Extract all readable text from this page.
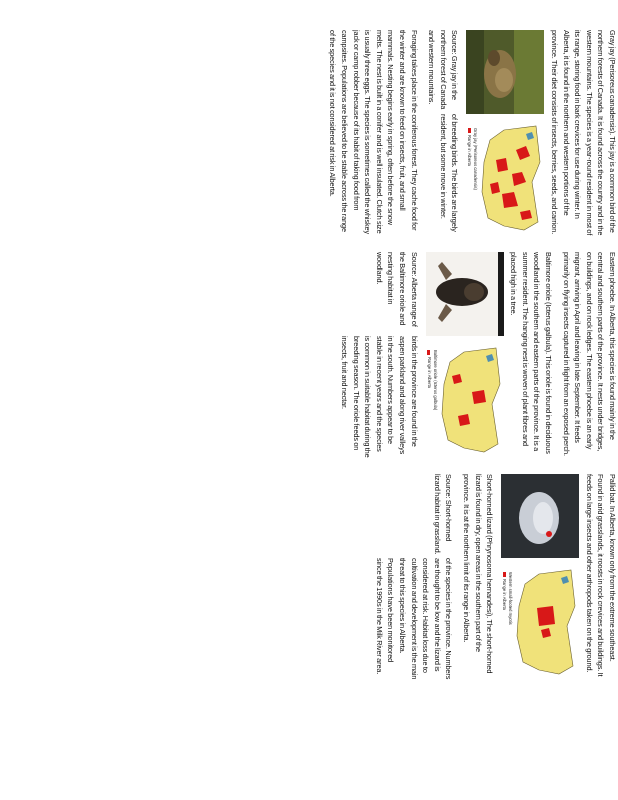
Gray jay (Perisoreus canadensis). This jay is a common bird of the northern forests of Canada. It is found across the country and in the western mountains. The species is a year-round resident in most of its range, storing food in bark crevices for use during winter. In Alberta, it is found in the northern and western portions of the province. Their diet consists of insects, berries, seeds, and carrion.

Gray jay (Perisoreus canadensis)
Range in Alberta

Source: Gray jay in the northern forest of Canada and western mountains.

of breeding birds. The birds are largely resident, but some move in winter.

Foraging takes place in the coniferous forest. They cache food for the winter and are known to feed on insects, fruit, and small mammals. Nesting begins early in spring, often before the snow melts. The nest is built in a conifer and is well insulated. Clutch size is usually three eggs. The species is sometimes called the whiskey jack or camp robber because of its habit of taking food from campsites. Populations are believed to be stable across the range of the species and it is not considered at risk in Alberta.

Eastern phoebe. In Alberta, this species is found mainly in the central and southern parts of the province. It nests under bridges, on buildings, and on rock ledges. The eastern phoebe is an early migrant, arriving in April and leaving in late September. It feeds primarily on flying insects captured in flight from an exposed perch.

Baltimore oriole (Icterus galbula). This oriole is found in deciduous woodland in the southern and eastern parts of the province. It is a summer resident. The hanging nest is woven of plant fibres and placed high in a tree.

Baltimore oriole (Icterus galbula)
Range in Alberta

Source: Alberta range of the Baltimore oriole and nesting habitat in woodland.

birds in the province are found in the aspen parkland and along river valleys in the south. Numbers appear to be stable in recent years and the species is common in suitable habitat during the breeding season. The oriole feeds on insects, fruit and nectar.

Pallid bat. In Alberta, known only from the extreme southeast. Found in arid grasslands, it roosts in rock crevices and buildings. It feeds on large insects and other arthropods taken on the ground.

Western small-footed myotis
Range in Alberta

Short-horned lizard (Phrynosoma hernandesi). The short-horned lizard is found in dry, open areas in the southern part of the province. It is at the northern limit of its range in Alberta.

Source: Short-horned lizard habitat in grassland.

of the species in the province. Numbers are thought to be low and the lizard is considered at risk. Habitat loss due to cultivation and development is the main threat to this species in Alberta. Populations have been monitored since the 1990s in the Milk River area.
